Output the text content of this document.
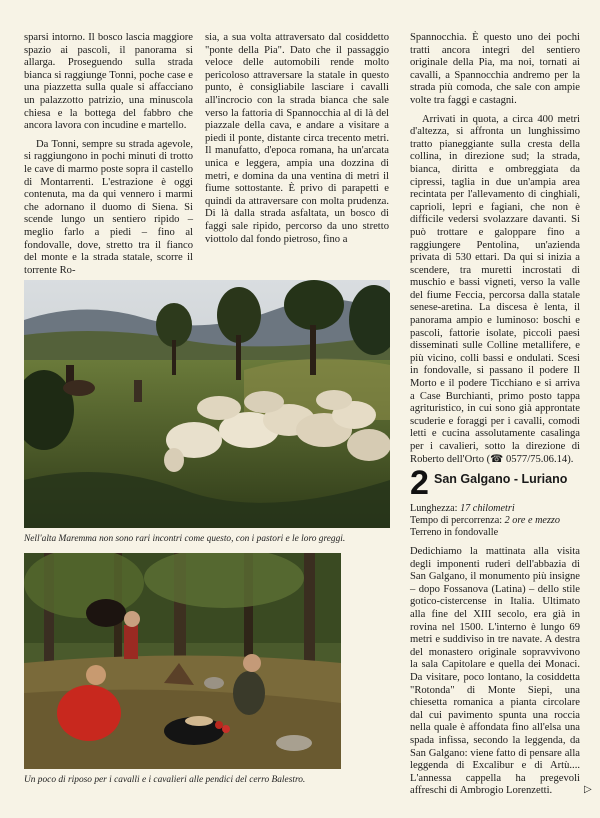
sparsi intorno. Il bosco lascia maggiore spazio ai pascoli, il panorama si allarga. Proseguendo sulla strada bianca si raggiunge Tonni, poche case e una piazzetta sulla quale si affacciano un palazzotto patrizio, una minuscola chiesa e la bottega del fabbro che ancora lavora con incudine e martello.

Da Tonni, sempre su strada agevole, si raggiungono in pochi minuti di trotto le cave di marmo poste sopra il castello di Montarrenti. L'estrazione è oggi contenuta, ma da qui vennero i marmi che adornano il duomo di Siena. Si scende lungo un sentiero ripido – meglio farlo a piedi – fino al fondovalle, dove, stretto tra il fianco del monte e la strada statale, scorre il torrente Ro-

sia, a sua volta attraversato dal cosiddetto "ponte della Pia". Dato che il passaggio veloce delle automobili rende molto pericoloso attraversare la statale in questo punto, è consigliabile lasciare i cavalli all'incrocio con la strada bianca che sale verso la fattoria di Spannocchia al di là del piazzale della cava, e andare a visitare a piedi il ponte, distante circa trecento metri. Il manufatto, d'epoca romana, ha un'arcata unica e leggera, ampia una dozzina di metri, e domina da una ventina di metri il fiume sottostante. È privo di parapetti e quindi da attraversare con molta prudenza. Di là dalla strada asfaltata, un bosco di faggi sale ripido, percorso da uno stretto viottolo dal fondo pietroso, fino a

Spannocchia. È questo uno dei pochi tratti ancora integri del sentiero originale della Pia, ma noi, tornati ai cavalli, a Spannocchia andremo per la strada più comoda, che sale con ampie volte tra faggi e castagni.

Arrivati in quota, a circa 400 metri d'altezza, si affronta un lunghissimo tratto pianeggiante sulla cresta della collina, in direzione sud; la strada, bianca, diritta e ombreggiata da cipressi, taglia in due un'ampia area recintata per l'allevamento di cinghiali, caprioli, lepri e fagiani, che non è difficile vedersi svolazzare davanti. Si può trottare e galoppare fino a raggiungere Pentolina, un'azienda privata di 530 ettari. Da qui si inizia a scendere, tra muretti incrostati di muschio e bassi vigneti, verso la valle del fiume Feccia, percorsa dalla statale senese-aretina. La discesa è lenta, il panorama ampio e luminoso: boschi e pascoli, fattorie isolate, piccoli paesi disseminati sulle Colline metallifere, e più vicino, colli bassi e ondulati. Scesi in fondovalle, si passano il podere Il Morto e il podere Ticchiano e si arriva a Case Burchianti, primo posto tappa agrituristico, in cui sono già approntate scuderie e foraggi per i cavalli, comodi letti e cucina assolutamente casalinga per i cavalieri, sotto la direzione di Roberto dell'Orto (☎ 0577/75.06.14).

Nell'alta Maremma non sono rari incontri come questo, con i pastori e le loro greggi.
Un poco di riposo per i cavalli e i cavalieri alle pendici del cerro Balestro.
2 San Galgano - Luriano
Lunghezza: 17 chilometri
Tempo di percorrenza: 2 ore e mezzo
Terreno in fondovalle

Dedichiamo la mattinata alla visita degli imponenti ruderi dell'abbazia di San Galgano, il monumento più insigne – dopo Fossanova (Latina) – dello stile gotico-cistercense in Italia. Ultimato alla fine del XIII secolo, era già in rovina nel 1500. L'interno è lungo 69 metri e suddiviso in tre navate. A destra del monastero originale sopravvivono la sala Capitolare e quella dei Monaci. Da visitare, poco lontano, la cosiddetta "Rotonda" di Monte Siepi, una chiesetta romanica a pianta circolare dal cui pavimento spunta una roccia nella quale è affondata fino all'elsa una spada infissa, secondo la leggenda, da San Galgano: viene fatto di pensare alla leggenda di Excalibur e di Artù.... L'annessa cappella ha pregevoli affreschi di Ambrogio Lorenzetti.	▷
